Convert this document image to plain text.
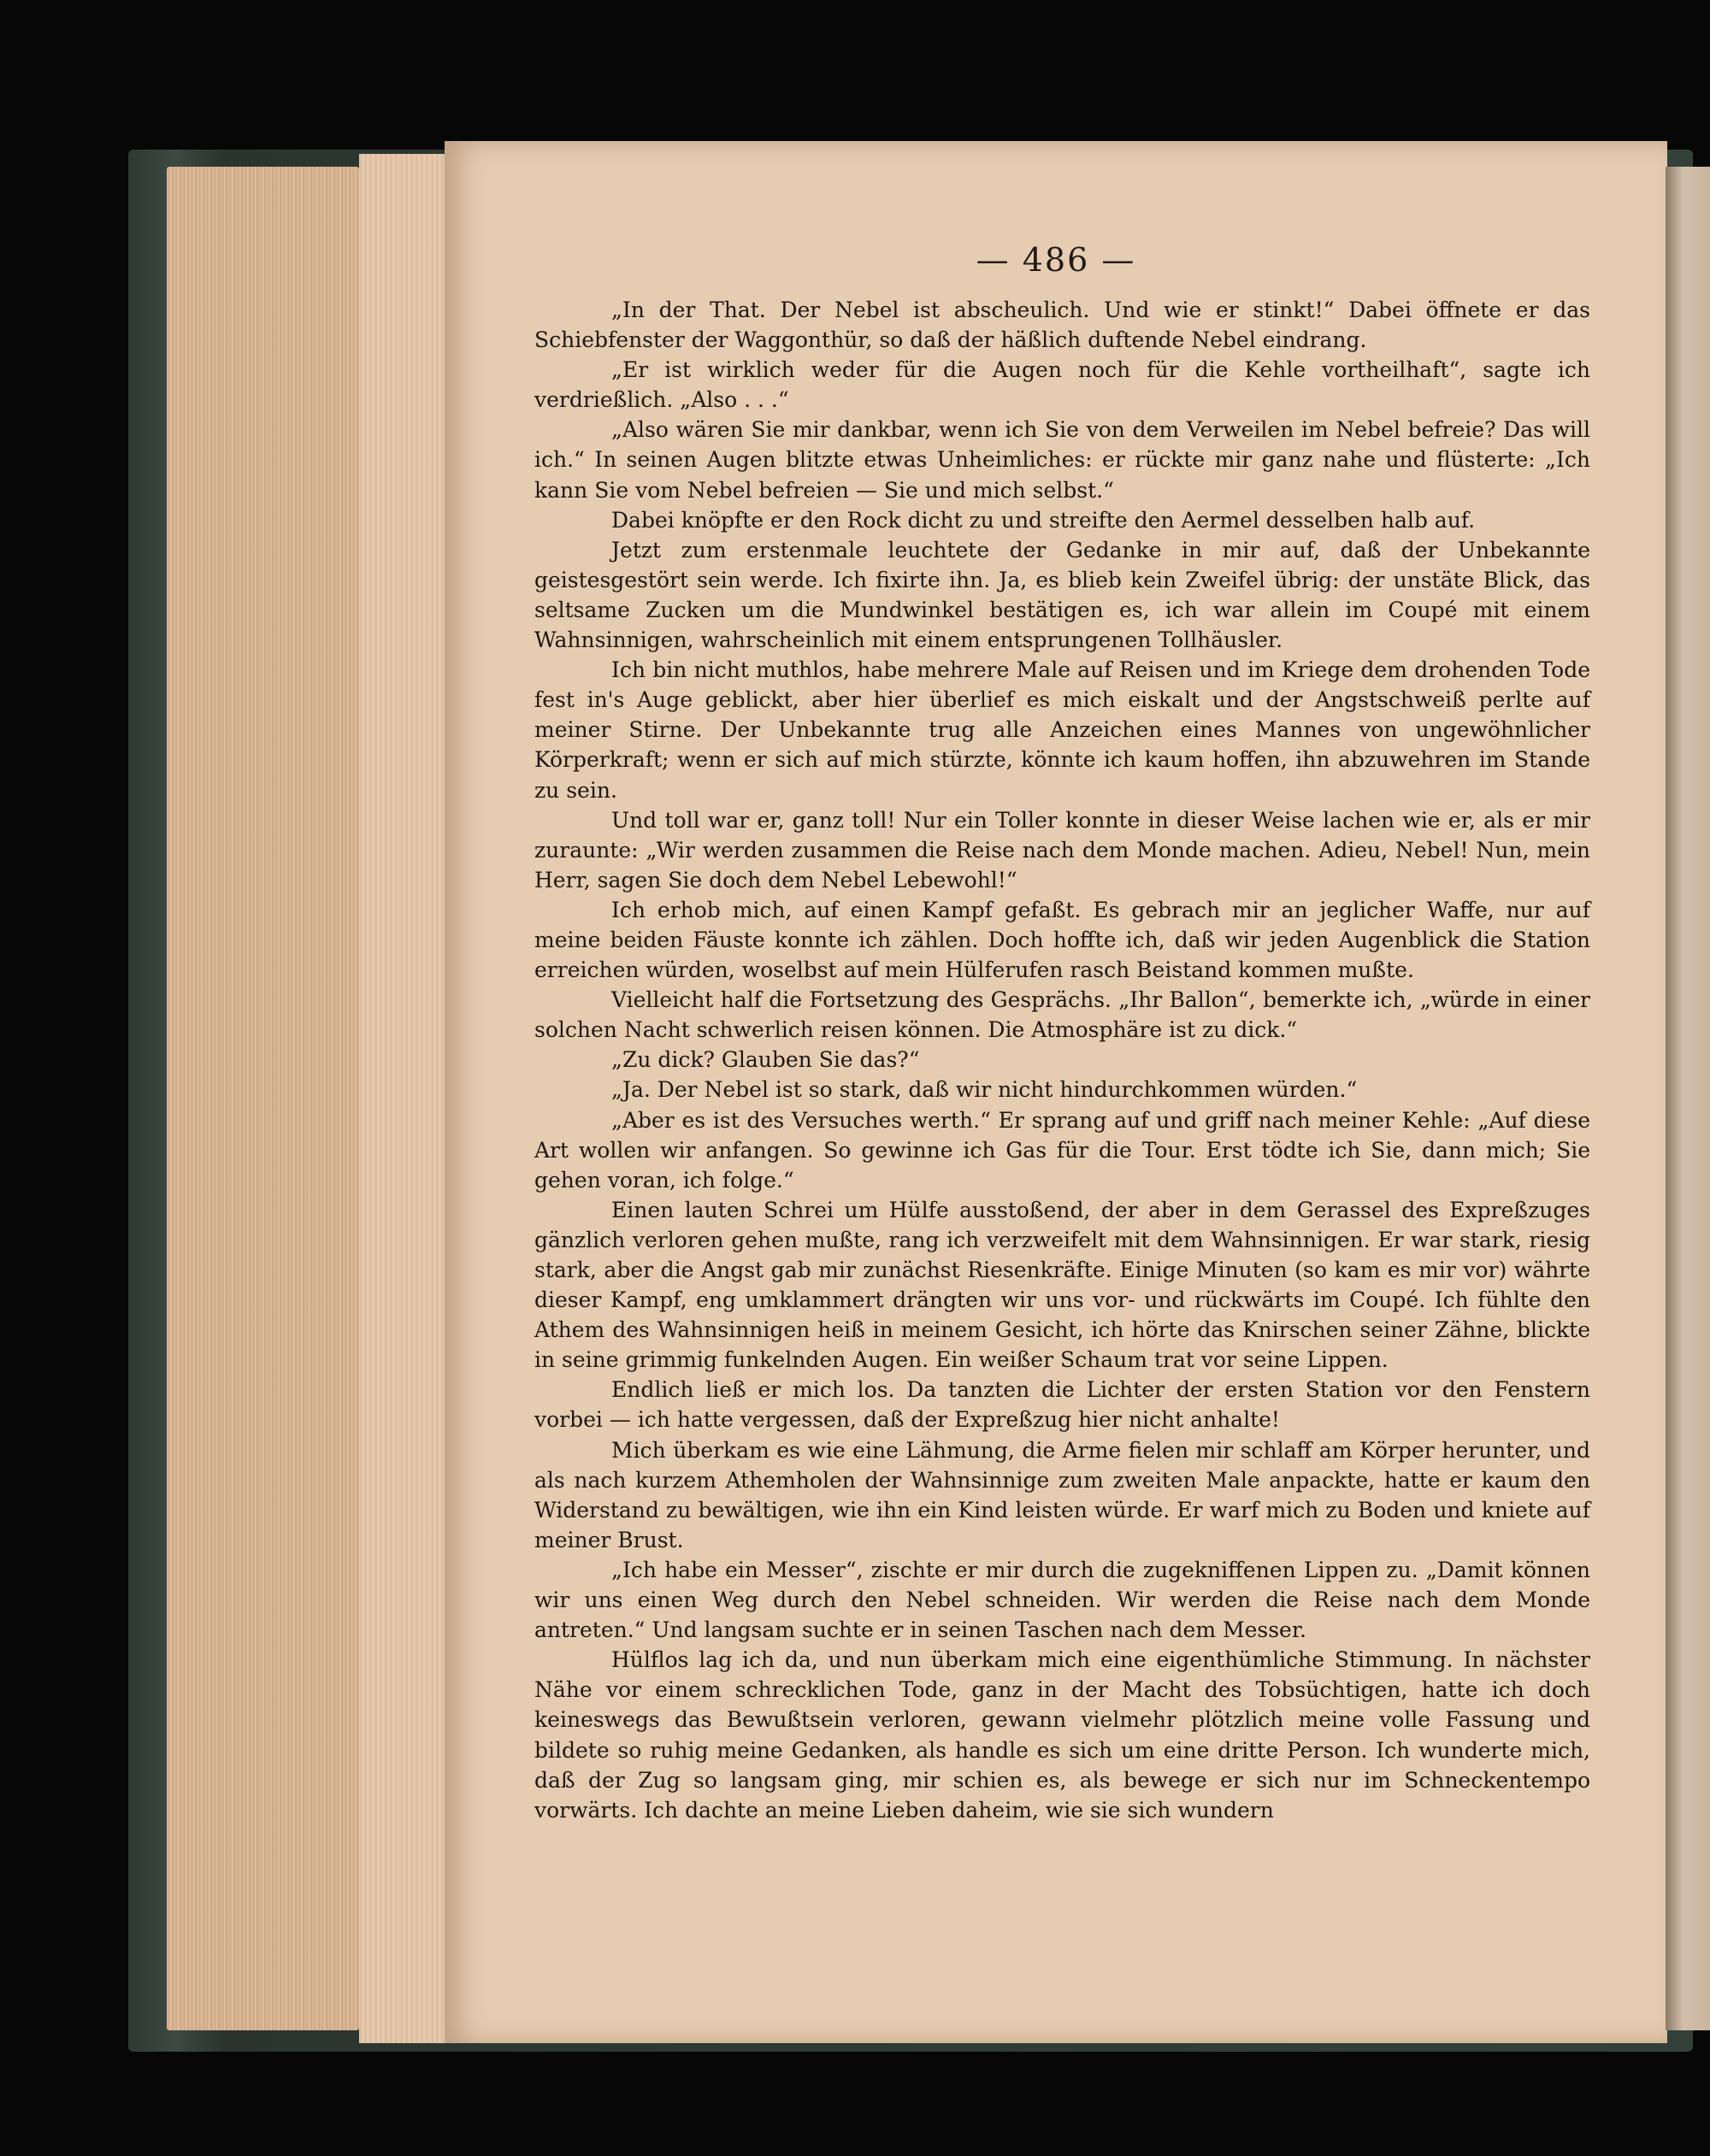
— 486 —

„In der That. Der Nebel ist abscheulich. Und wie er stinkt!“ Dabei öffnete er das Schiebfenster der Waggonthür, so daß der häßlich duftende Nebel eindrang.

„Er ist wirklich weder für die Augen noch für die Kehle vortheilhaft“, sagte ich verdrießlich. „Also . . .“

„Also wären Sie mir dankbar, wenn ich Sie von dem Verweilen im Nebel befreie? Das will ich.“ In seinen Augen blitzte etwas Unheimliches: er rückte mir ganz nahe und flüsterte: „Ich kann Sie vom Nebel befreien — Sie und mich selbst.“

Dabei knöpfte er den Rock dicht zu und streifte den Aermel desselben halb auf.

Jetzt zum erstenmale leuchtete der Gedanke in mir auf, daß der Unbekannte geistesgestört sein werde. Ich fixirte ihn. Ja, es blieb kein Zweifel übrig: der unstäte Blick, das seltsame Zucken um die Mundwinkel bestätigen es, ich war allein im Coupé mit einem Wahnsinnigen, wahrscheinlich mit einem entsprungenen Tollhäusler.

Ich bin nicht muthlos, habe mehrere Male auf Reisen und im Kriege dem drohenden Tode fest in's Auge geblickt, aber hier überlief es mich eiskalt und der Angstschweiß perlte auf meiner Stirne. Der Unbekannte trug alle Anzeichen eines Mannes von ungewöhnlicher Körperkraft; wenn er sich auf mich stürzte, könnte ich kaum hoffen, ihn abzuwehren im Stande zu sein.

Und toll war er, ganz toll! Nur ein Toller konnte in dieser Weise lachen wie er, als er mir zuraunte: „Wir werden zusammen die Reise nach dem Monde machen. Adieu, Nebel! Nun, mein Herr, sagen Sie doch dem Nebel Lebewohl!“

Ich erhob mich, auf einen Kampf gefaßt. Es gebrach mir an jeglicher Waffe, nur auf meine beiden Fäuste konnte ich zählen. Doch hoffte ich, daß wir jeden Augenblick die Station erreichen würden, woselbst auf mein Hülferufen rasch Beistand kommen mußte.

Vielleicht half die Fortsetzung des Gesprächs. „Ihr Ballon“, bemerkte ich, „würde in einer solchen Nacht schwerlich reisen können. Die Atmosphäre ist zu dick.“

„Zu dick? Glauben Sie das?“

„Ja. Der Nebel ist so stark, daß wir nicht hindurchkommen würden.“

„Aber es ist des Versuches werth.“ Er sprang auf und griff nach meiner Kehle: „Auf diese Art wollen wir anfangen. So gewinne ich Gas für die Tour. Erst tödte ich Sie, dann mich; Sie gehen voran, ich folge.“

Einen lauten Schrei um Hülfe ausstoßend, der aber in dem Gerassel des Expreßzuges gänzlich verloren gehen mußte, rang ich verzweifelt mit dem Wahnsinnigen. Er war stark, riesig stark, aber die Angst gab mir zunächst Riesenkräfte. Einige Minuten (so kam es mir vor) währte dieser Kampf, eng umklammert drängten wir uns vor- und rückwärts im Coupé. Ich fühlte den Athem des Wahnsinnigen heiß in meinem Gesicht, ich hörte das Knirschen seiner Zähne, blickte in seine grimmig funkelnden Augen. Ein weißer Schaum trat vor seine Lippen.

Endlich ließ er mich los. Da tanzten die Lichter der ersten Station vor den Fenstern vorbei — ich hatte vergessen, daß der Expreßzug hier nicht anhalte!

Mich überkam es wie eine Lähmung, die Arme fielen mir schlaff am Körper herunter, und als nach kurzem Athemholen der Wahnsinnige zum zweiten Male anpackte, hatte er kaum den Widerstand zu bewältigen, wie ihn ein Kind leisten würde. Er warf mich zu Boden und kniete auf meiner Brust.

„Ich habe ein Messer“, zischte er mir durch die zugekniffenen Lippen zu. „Damit können wir uns einen Weg durch den Nebel schneiden. Wir werden die Reise nach dem Monde antreten.“ Und langsam suchte er in seinen Taschen nach dem Messer.

Hülflos lag ich da, und nun überkam mich eine eigenthümliche Stimmung. In nächster Nähe vor einem schrecklichen Tode, ganz in der Macht des Tobsüchtigen, hatte ich doch keineswegs das Bewußtsein verloren, gewann vielmehr plötzlich meine volle Fassung und bildete so ruhig meine Gedanken, als handle es sich um eine dritte Person. Ich wunderte mich, daß der Zug so langsam ging, mir schien es, als bewege er sich nur im Schneckentempo vorwärts. Ich dachte an meine Lieben daheim, wie sie sich wundern
